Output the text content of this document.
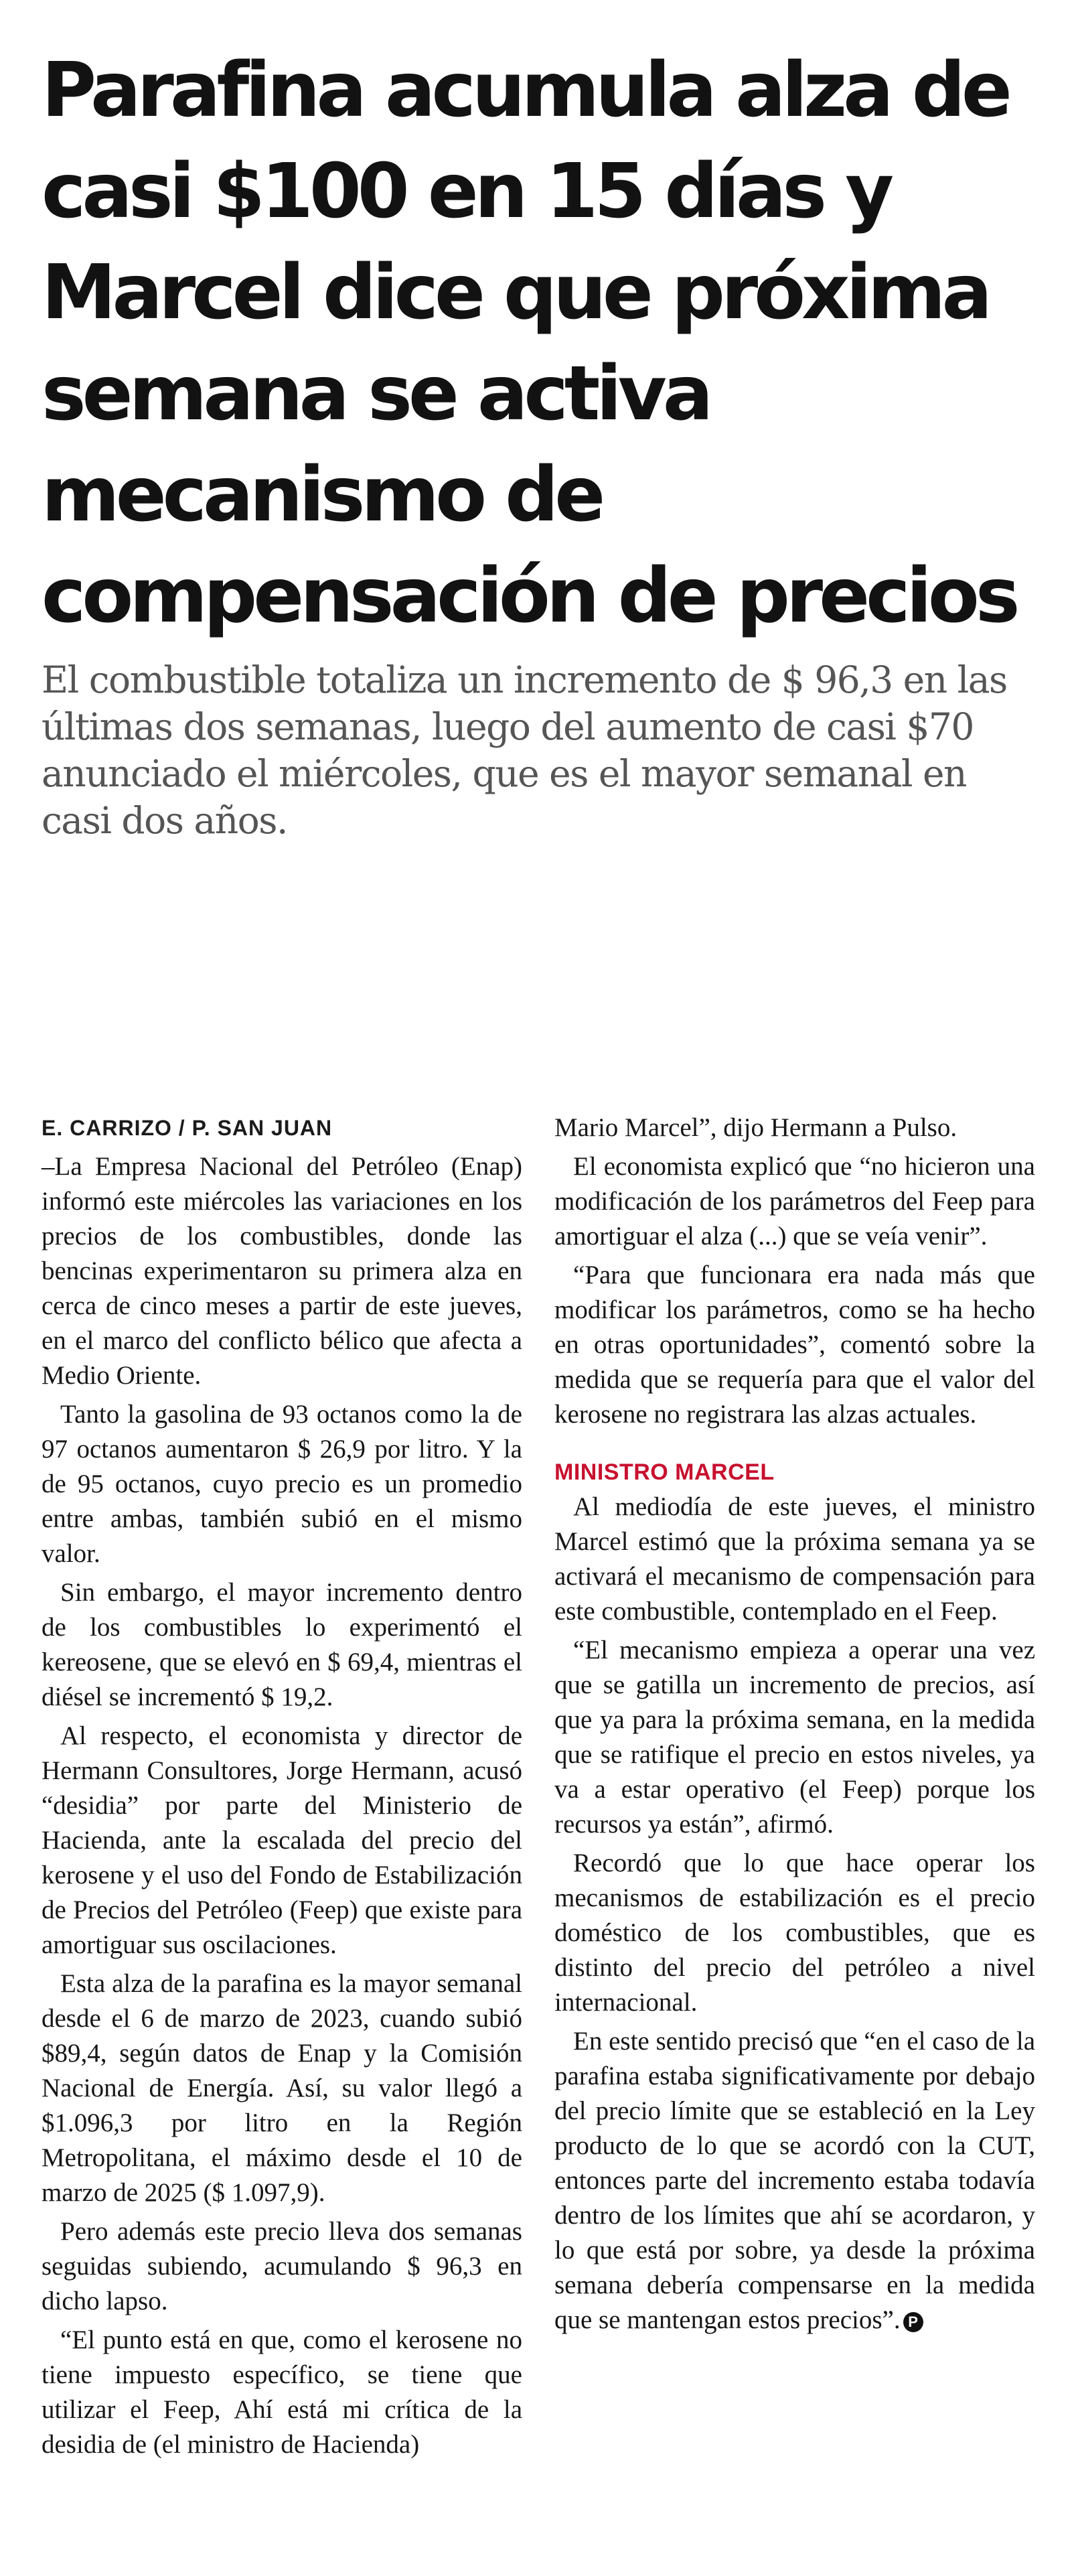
Parafina acumula alza de casi $100 en 15 días y Marcel dice que próxima semana se activa mecanismo de compensación de precios

El combustible totaliza un incremento de $ 96,3 en las últimas dos semanas, luego del aumento de casi $70 anunciado el miércoles, que es el mayor semanal en casi dos años.

E. CARRIZO / P. SAN JUAN

–La Empresa Nacional del Petróleo (Enap) informó este miércoles las variaciones en los precios de los combustibles, donde las bencinas experimentaron su primera alza en cerca de cinco meses a partir de este jueves, en el marco del conflicto bélico que afecta a Medio Oriente.

Tanto la gasolina de 93 octanos como la de 97 octanos aumentaron $ 26,9 por litro. Y la de 95 octanos, cuyo precio es un promedio entre ambas, también subió en el mismo valor.

Sin embargo, el mayor incremento dentro de los combustibles lo experimentó el kereosene, que se elevó en $ 69,4, mientras el diésel se incrementó $ 19,2.

Al respecto, el economista y director de Hermann Consultores, Jorge Hermann, acusó “desidia” por parte del Ministerio de Hacienda, ante la escalada del precio del kerosene y el uso del Fondo de Estabilización de Precios del Petróleo (Feep) que existe para amortiguar sus oscilaciones.

Esta alza de la parafina es la mayor semanal desde el 6 de marzo de 2023, cuando subió $89,4, según datos de Enap y la Comisión Nacional de Energía. Así, su valor llegó a $1.096,3 por litro en la Región Metropolitana, el máximo desde el 10 de marzo de 2025 ($ 1.097,9).

Pero además este precio lleva dos semanas seguidas subiendo, acumulando $ 96,3 en dicho lapso.

“El punto está en que, como el kerosene no tiene impuesto específico, se tiene que utilizar el Feep, Ahí está mi crítica de la desidia de (el ministro de Hacienda)

Mario Marcel”, dijo Hermann a Pulso.

El economista explicó que “no hicieron una modificación de los parámetros del Feep para amortiguar el alza (...) que se veía venir”.

“Para que funcionara era nada más que modificar los parámetros, como se ha hecho en otras oportunidades”, comentó sobre la medida que se requería para que el valor del kerosene no registrara las alzas actuales.

MINISTRO MARCEL

Al mediodía de este jueves, el ministro Marcel estimó que la próxima semana ya se activará el mecanismo de compensación para este combustible, contemplado en el Feep.

“El mecanismo empieza a operar una vez que se gatilla un incremento de precios, así que ya para la próxima semana, en la medida que se ratifique el precio en estos niveles, ya va a estar operativo (el Feep) porque los recursos ya están”, afirmó.

Recordó que lo que hace operar los mecanismos de estabilización es el precio doméstico de los combustibles, que es distinto del precio del petróleo a nivel internacional.

En este sentido precisó que “en el caso de la parafina estaba significativamente por debajo del precio límite que se estableció en la Ley producto de lo que se acordó con la CUT, entonces parte del incremento estaba todavía dentro de los límites que ahí se acordaron, y lo que está por sobre, ya desde la próxima semana debería compensarse en la medida que se mantengan estos precios”. P
